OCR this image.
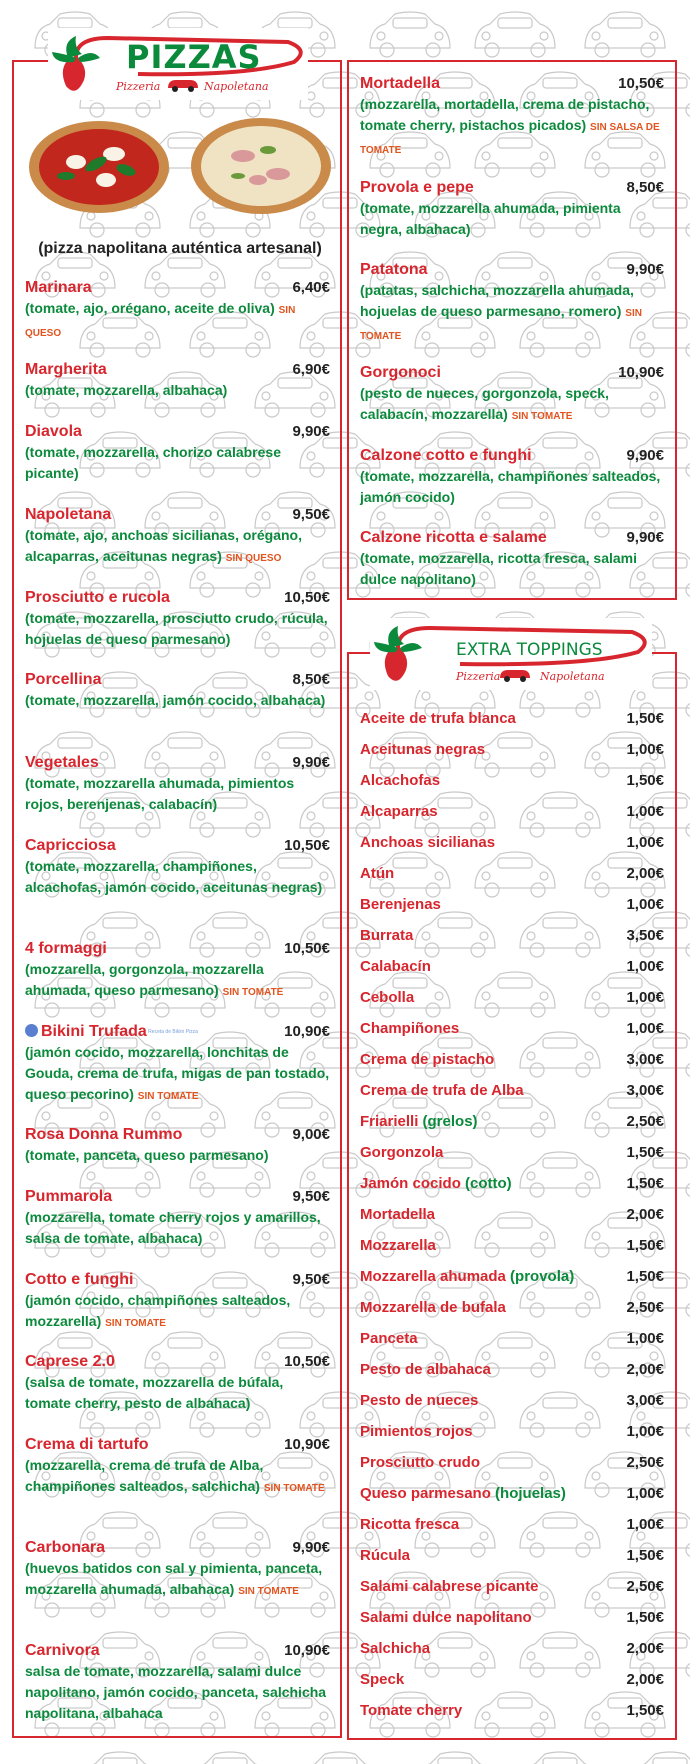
PIZZAS
Pizzeria	Napoletana
(pizza napolitana auténtica artesanal)
EXTRA TOPPINGS
Pizzeria	Napoletana
Marinara	6,40€
(tomate, ajo, orégano, aceite de oliva) SIN QUESO
Margherita	6,90€
(tomate, mozzarella, albahaca)
Diavola	9,90€
(tomate, mozzarella, chorizo calabrese picante)
Napoletana	9,50€
(tomate, ajo, anchoas sicilianas, orégano, alcaparras, aceitunas negras) SIN QUESO
Prosciutto e rucola	10,50€
(tomate, mozzarella, prosciutto crudo, rúcula, hojuelas de queso parmesano)
Porcellina	8,50€
(tomate, mozzarella, jamón cocido, albahaca)
Vegetales	9,90€
(tomate, mozzarella ahumada, pimientos rojos, berenjenas, calabacín)
Capricciosa	10,50€
(tomate, mozzarella, champiñones, alcachofas, jamón cocido, aceitunas negras)
4 formaggi	10,50€
(mozzarella, gorgonzola, mozzarella ahumada, queso parmesano) SIN TOMATE
Bikini Trufada Receta de Bikini Pizza	10,90€
(jamón cocido, mozzarella, lonchitas de Gouda, crema de trufa, migas de pan tostado, queso pecorino) SIN TOMATE
Rosa Donna Rummo	9,00€
(tomate, panceta, queso parmesano)
Pummarola	9,50€
(mozzarella, tomate cherry rojos y amarillos, salsa de tomate, albahaca)
Cotto e funghi	9,50€
(jamón cocido, champiñones salteados, mozzarella) SIN TOMATE
Caprese 2.0	10,50€
(salsa de tomate, mozzarella de búfala, tomate cherry, pesto de albahaca)
Crema di tartufo	10,90€
(mozzarella, crema de trufa de Alba, champiñones salteados, salchicha) SIN TOMATE
Carbonara	9,90€
(huevos batidos con sal y pimienta, panceta, mozzarella ahumada, albahaca) SIN TOMATE
Carnivora	10,90€
salsa de tomate, mozzarella, salami dulce napolitano, jamón cocido, panceta, salchicha napolitana, albahaca
Mortadella	10,50€
(mozzarella, mortadella, crema de pistacho, tomate cherry, pistachos picados) SIN SALSA DE TOMATE
Provola e pepe	8,50€
(tomate, mozzarella ahumada, pimienta negra, albahaca)
Patatona	9,90€
(patatas, salchicha, mozzarella ahumada, hojuelas de queso parmesano, romero) SIN TOMATE
Gorgonoci	10,90€
(pesto de nueces, gorgonzola, speck, calabacín, mozzarella) SIN TOMATE
Calzone cotto e funghi	9,90€
(tomate, mozzarella, champiñones salteados, jamón cocido)
Calzone ricotta e salame	9,90€
(tomate, mozzarella, ricotta fresca, salami dulce napolitano)
Aceite de trufa blanca	1,50€
Aceitunas negras	1,00€
Alcachofas	1,50€
Alcaparras	1,00€
Anchoas sicilianas	1,00€
Atún	2,00€
Berenjenas	1,00€
Burrata	3,50€
Calabacín	1,00€
Cebolla	1,00€
Champiñones	1,00€
Crema de pistacho	3,00€
Crema de trufa de Alba	3,00€
Friarielli (grelos)	2,50€
Gorgonzola	1,50€
Jamón cocido (cotto)	1,50€
Mortadella	2,00€
Mozzarella	1,50€
Mozzarella ahumada (provola)	1,50€
Mozzarella de bufala	2,50€
Panceta	1,00€
Pesto de albahaca	2,00€
Pesto de nueces	3,00€
Pimientos rojos	1,00€
Prosciutto crudo	2,50€
Queso parmesano (hojuelas)	1,00€
Ricotta fresca	1,00€
Rúcula	1,50€
Salami calabrese picante	2,50€
Salami dulce napolitano	1,50€
Salchicha	2,00€
Speck	2,00€
Tomate cherry	1,50€
